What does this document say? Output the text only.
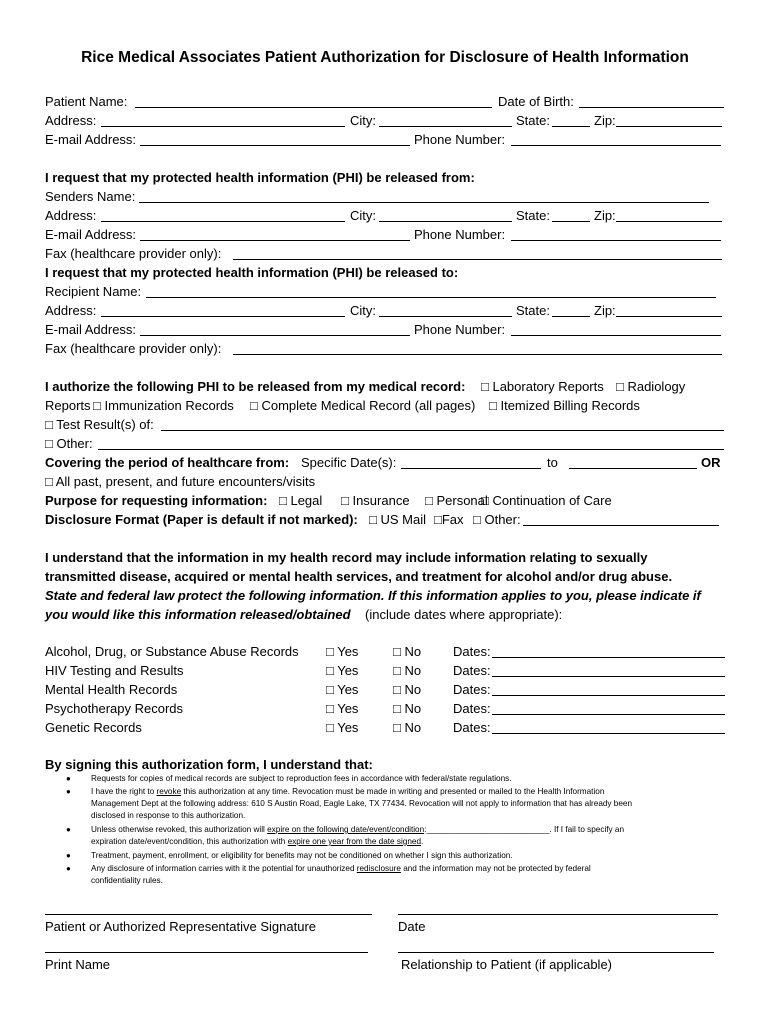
Rice Medical Associates Patient Authorization for Disclosure of Health Information
Patient Name:	Date of Birth:
Address:	City:	State:	Zip:
E-mail Address:	Phone Number:
I request that my protected health information (PHI) be released from:
Senders Name:
Address:	City:	State:	Zip:
E-mail Address:	Phone Number:
Fax (healthcare provider only):
I request that my protected health information (PHI) be released to:
Recipient Name:
Address:	City:	State:	Zip:
E-mail Address:	Phone Number:
Fax (healthcare provider only):
I authorize the following PHI to be released from my medical record: □ Laboratory Reports □ Radiology
Reports □ Immunization Records □ Complete Medical Record (all pages) □ Itemized Billing Records
□ Test Result(s) of:
□ Other:
Covering the period of healthcare from: Specific Date(s):	to	OR
□ All past, present, and future encounters/visits
Purpose for requesting information: □ Legal □ Insurance □ Personal
□ Continuation of Care
Disclosure Format (Paper is default if not marked): □ US Mail □Fax □ Other:
I understand that the information in my health record may include information relating to sexually
transmitted disease, acquired or mental health services, and treatment for alcohol and/or drug abuse.
State and federal law protect the following information. If this information applies to you, please indicate if
you would like this information released/obtained (include dates where appropriate):
Alcohol, Drug, or Substance Abuse Records □ Yes	□ No Dates:
HIV Testing and Results	□ Yes	□ No Dates:
Mental Health Records	□ Yes	□ No Dates:
Psychotherapy Records	□ Yes	□ No Dates:
Genetic Records	□ Yes	□ No Dates:
By signing this authorization form, I understand that:
● Requests for copies of medical records are subject to reproduction fees in accordance with federal/state regulations.
● I have the right to revoke this authorization at any time. Revocation must be made in writing and presented or mailed to the Health Information
Management Dept at the following address: 610 S Austin Road, Eagle Lake, TX 77434. Revocation will not apply to information that has already been
disclosed in response to this authorization.
● Unless otherwise revoked, this authorization will expire on the following date/event/condition:___________________________. If I fail to specify an
expiration date/event/condition, this authorization with expire one year from the date signed.
● Treatment, payment, enrollment, or eligibility for benefits may not be conditioned on whether I sign this authorization.
● Any disclosure of information carries with it the potential for unauthorized redisclosure and the information may not be protected by federal
confidentiality rules.
Patient or Authorized Representative Signature	Date
Print Name	Relationship to Patient (if applicable)
